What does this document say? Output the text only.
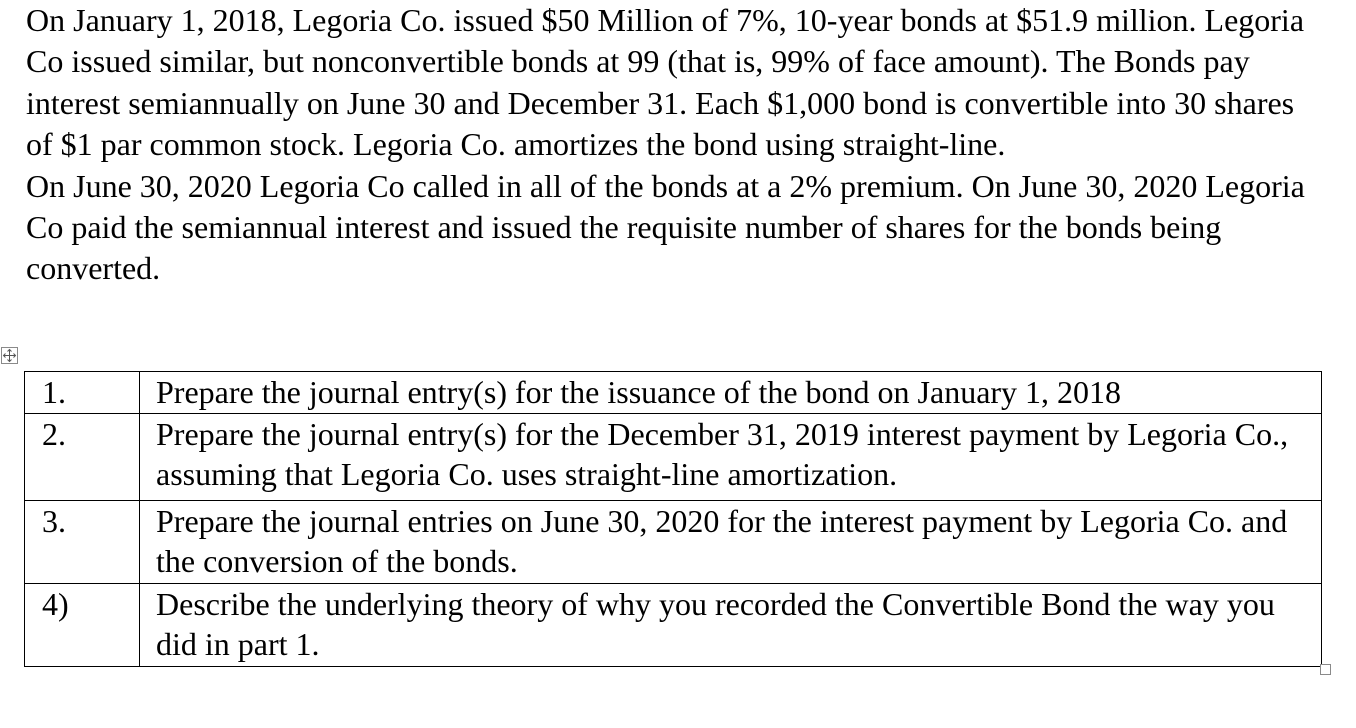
On January 1, 2018, Legoria Co. issued $50 Million of 7%, 10-year bonds at $51.9 million. Legoria Co issued similar, but nonconvertible bonds at 99 (that is, 99% of face amount). The Bonds pay interest semiannually on June 30 and December 31. Each $1,000 bond is convertible into 30 shares of $1 par common stock. Legoria Co. amortizes the bond using straight-line.

On June 30, 2020 Legoria Co called in all of the bonds at a 2% premium. On June 30, 2020 Legoria Co paid the semiannual interest and issued the requisite number of shares for the bonds being converted.

1.	Prepare the journal entry(s) for the issuance of the bond on January 1, 2018
2.	Prepare the journal entry(s) for the December 31, 2019 interest payment by Legoria Co., assuming that Legoria Co. uses straight-line amortization.
3.	Prepare the journal entries on June 30, 2020 for the interest payment by Legoria Co. and the conversion of the bonds.
4)	Describe the underlying theory of why you recorded the Convertible Bond the way you did in part 1.
